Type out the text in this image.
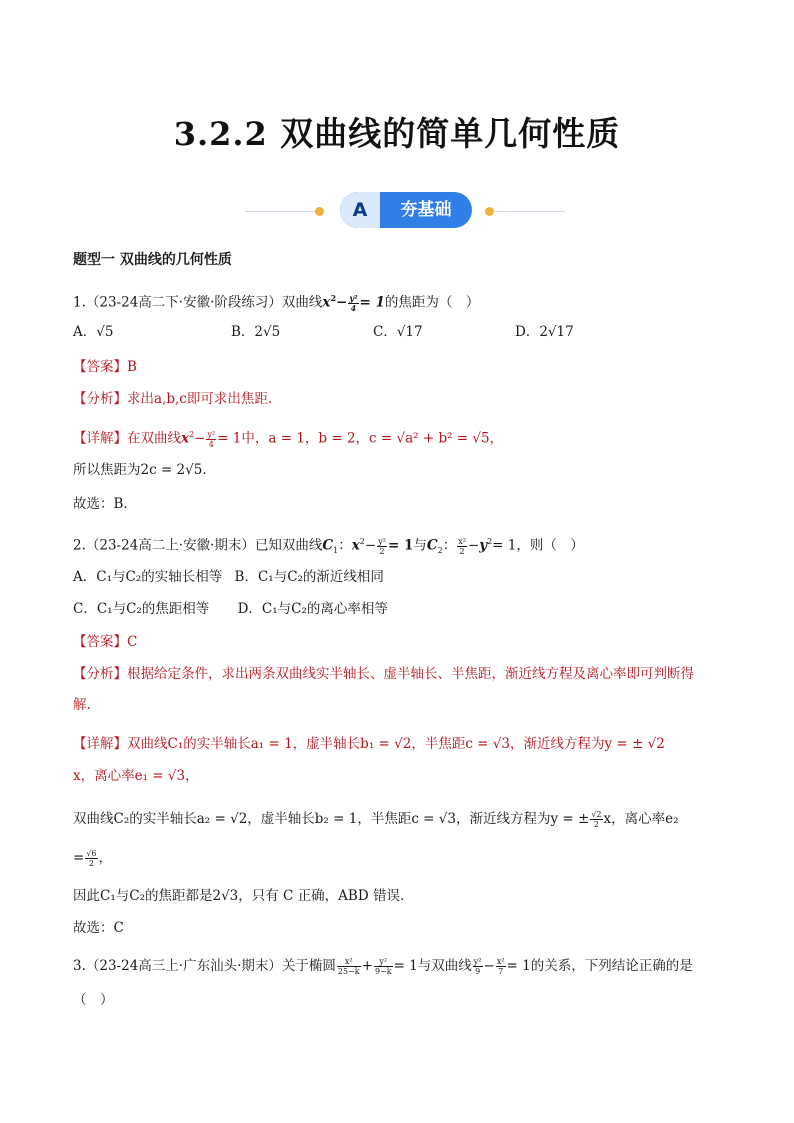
3.2.2 双曲线的简单几何性质
A	夯基础
题型一 双曲线的几何性质
1.（23-24高二下·安徽·阶段练习）双曲线$x^2- \frac{\text{y²}}{4} = 1$的焦距为（　）
A．√5	B．2√5	C．√17	D．2√17
【答案】B
【分析】求出a,b,c即可求出焦距.
【详解】在双曲线$x^2- \frac{\text{y²}}{4} = 1$中，a = 1，b = 2，c = √a² + b² = √5，
所以焦距为2c = 2√5.
故选：B．
2.（23-24高二上·安徽·期末）已知双曲线$C_1$：$x^2- \frac{\text{y²}}{2} = 1$与$C_2$： $\frac{\text{x²}}{2} -y^2= 1$，则（　）
A．C₁与C₂的实轴长相等 B．C₁与C₂的渐近线相同
C．C₁与C₂的焦距相等 D．C₁与C₂的离心率相等
【答案】C
【分析】根据给定条件，求出两条双曲线实半轴长、虚半轴长、半焦距，渐近线方程及离心率即可判断得
解.
【详解】双曲线C₁的实半轴长a₁ = 1，虚半轴长b₁ = √2，半焦距c = √3，渐近线方程为y = ± √2
x，离心率e₁ = √3，
双曲线C₂的实半轴长a₂ = √2，虚半轴长b₂ = 1，半焦距c = √3，渐近线方程为y = ± $\frac{√2}{2}$ x，离心率e₂
= $\frac{√6}{2}$ ，
因此C₁与C₂的焦距都是2√3，只有 C 正确，ABD 错误.
故选：C
3.（23-24高三上·广东汕头·期末）关于椭圆 $\frac{\text{x²}}{25-k} + \frac{\text{y²}}{9-k} = 1$与双曲线 $\frac{\text{y²}}{9} - \frac{\text{x²}}{7} = 1$的关系，下列结论正确的是
（　）
